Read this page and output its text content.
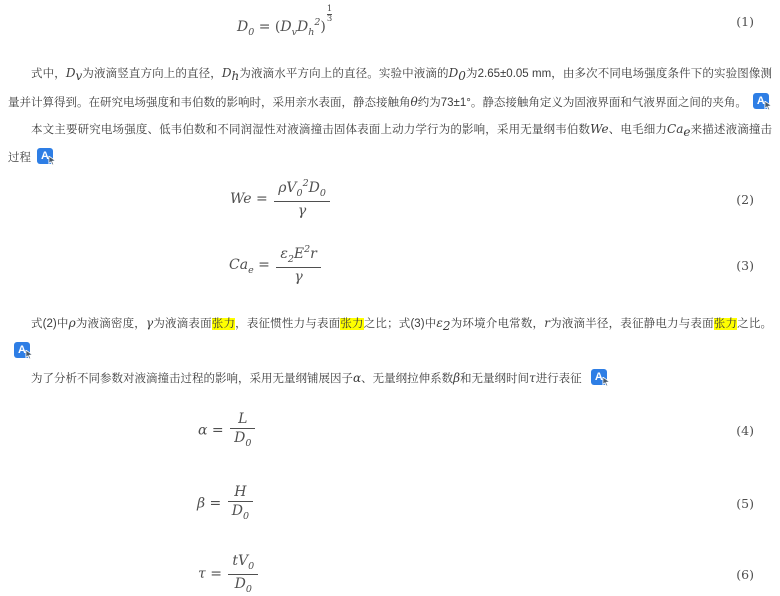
$D_0 = (D_vD_h^2)$
$\frac{1}{3}$	(1)

式中，Dv为液滴竖直方向上的直径，Dh为液滴水平方向上的直径。实验中液滴的D0为2.65±0.05 mm，由多次不同电场强度条件下的实验图像测量并计算得到。在研究电场强度和韦伯数的影响时，采用亲水表面，静态接触角θ约为73±1°。静态接触角定义为固液界面和气液界面之间的夹角。 A

本文主要研究电场强度、低韦伯数和不同润湿性对液滴撞击固体表面上动力学行为的影响，采用无量纲韦伯数We、电毛细力Cae来描述液滴撞击过程 A

$We = \frac{\rho V_0^2D_0}{\gamma}$	(2)
$Ca_e = \frac{\varepsilon_2E^2r}{\gamma}$	(3)

式(2)中ρ为液滴密度，γ为液滴表面张力，表征惯性力与表面张力之比；式(3)中ε2为环境介电常数，r为液滴半径，表征静电力与表面张力之比。
A

为了分析不同参数对液滴撞击过程的影响，采用无量纲铺展因子α、无量纲拉伸系数β和无量纲时间τ进行表征 A

$\alpha = \frac{L}{D_0}$	(4)
$\beta = \frac{H}{D_0}$	(5)
$\tau = \frac{tV_0}{D_0}$	(6)
